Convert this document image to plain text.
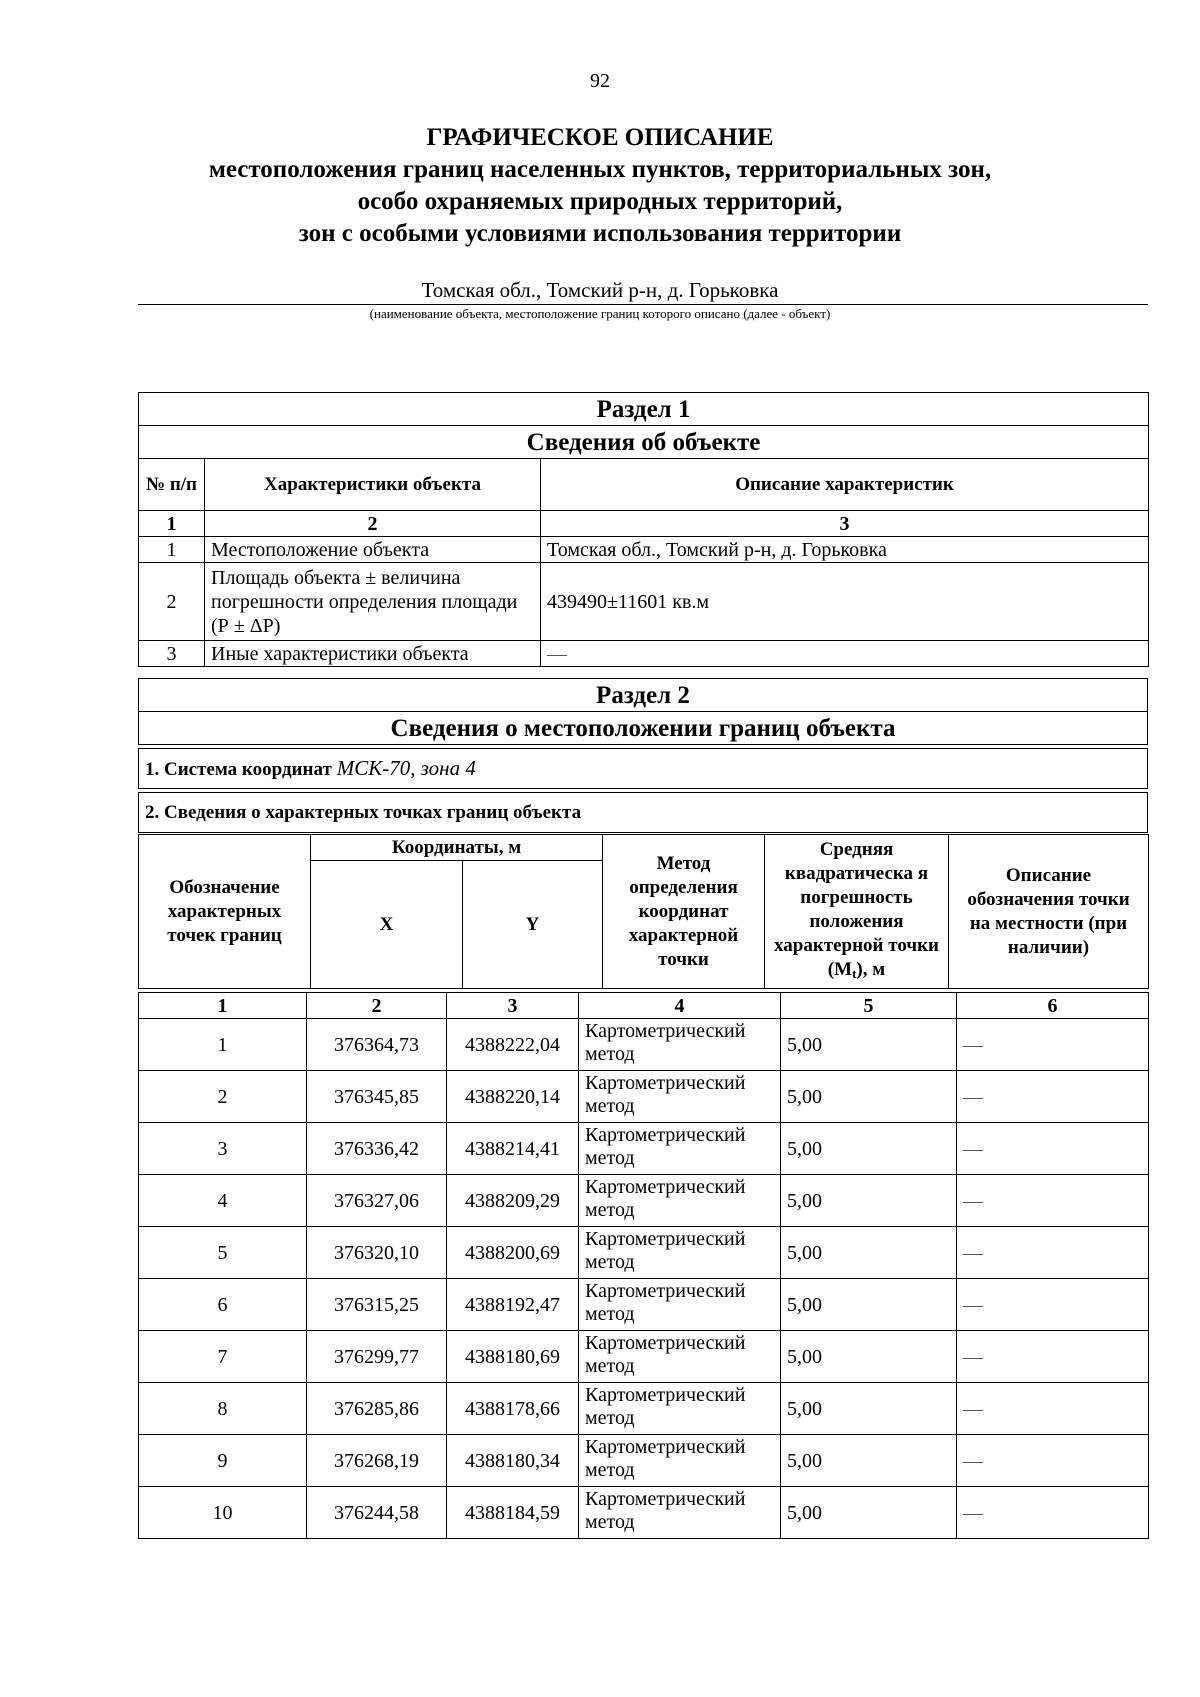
92
ГРАФИЧЕСКОЕ ОПИСАНИЕ
местоположения границ населенных пунктов, территориальных зон,
особо охраняемых природных территорий,
зон с особыми условиями использования территории
Томская обл., Томский р-н, д. Горьковка
(наименование объекта, местоположение границ которого описано (далее - объект)
Раздел 1		
Сведения об объекте		
№ п/п	Характеристики объекта	Описание характеристик
1	2	3
1	Местоположение объекта	Томская обл., Томский р-н, д. Горьковка
2	Площадь объекта ± величина погрешности определения площади (Р ± ΔР)	439490±11601 кв.м
3	Иные характеристики объекта	—
Раздел 2
Сведения о местоположении границ объекта
1. Система координат МСК-70, зона 4
2. Сведения о характерных точках границ объекта
Обозначение характерных точек границ	Координаты, м		Метод определения координат характерной точки	Средняя квадратическа я погрешность положения характерной точки $(M_t)$, м	Описание обозначения точки на местности (при наличии)
	X	Y			
1	2	3	4	5	6
1	376364,73	4388222,04	Картометрический метод	5,00	—
2	376345,85	4388220,14	Картометрический метод	5,00	—
3	376336,42	4388214,41	Картометрический метод	5,00	—
4	376327,06	4388209,29	Картометрический метод	5,00	—
5	376320,10	4388200,69	Картометрический метод	5,00	—
6	376315,25	4388192,47	Картометрический метод	5,00	—
7	376299,77	4388180,69	Картометрический метод	5,00	—
8	376285,86	4388178,66	Картометрический метод	5,00	—
9	376268,19	4388180,34	Картометрический метод	5,00	—
10	376244,58	4388184,59	Картометрический метод	5,00	—
